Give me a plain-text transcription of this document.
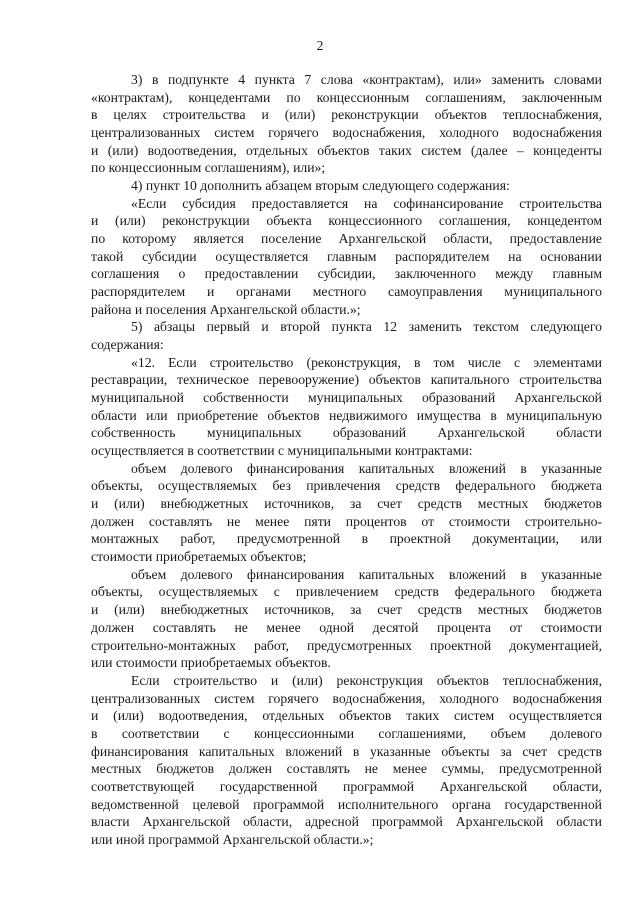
2
3) в подпункте 4 пункта 7 слова «контрактам), или» заменить словами
«контрактам), концедентами по концессионным соглашениям, заключенным
в целях строительства и (или) реконструкции объектов теплоснабжения,
централизованных систем горячего водоснабжения, холодного водоснабжения
и (или) водоотведения, отдельных объектов таких систем (далее – концеденты
по концессионным соглашениям), или»;
4) пункт 10 дополнить абзацем вторым следующего содержания:
«Если субсидия предоставляется на софинансирование строительства
и (или) реконструкции объекта концессионного соглашения, концедентом
по которому является поселение Архангельской области, предоставление
такой субсидии осуществляется главным распорядителем на основании
соглашения о предоставлении субсидии, заключенного между главным
распорядителем и органами местного самоуправления муниципального
района и поселения Архангельской области.»;
5) абзацы первый и второй пункта 12 заменить текстом следующего
содержания:
«12. Если строительство (реконструкция, в том числе с элементами
реставрации, техническое перевооружение) объектов капитального строительства
муниципальной собственности муниципальных образований Архангельской
области или приобретение объектов недвижимого имущества в муниципальную
собственность муниципальных образований Архангельской области
осуществляется в соответствии с муниципальными контрактами:
объем долевого финансирования капитальных вложений в указанные
объекты, осуществляемых без привлечения средств федерального бюджета
и (или) внебюджетных источников, за счет средств местных бюджетов
должен составлять не менее пяти процентов от стоимости строительно-
монтажных работ, предусмотренной в проектной документации, или
стоимости приобретаемых объектов;
объем долевого финансирования капитальных вложений в указанные
объекты, осуществляемых с привлечением средств федерального бюджета
и (или) внебюджетных источников, за счет средств местных бюджетов
должен составлять не менее одной десятой процента от стоимости
строительно-монтажных работ, предусмотренных проектной документацией,
или стоимости приобретаемых объектов.
Если строительство и (или) реконструкция объектов теплоснабжения,
централизованных систем горячего водоснабжения, холодного водоснабжения
и (или) водоотведения, отдельных объектов таких систем осуществляется
в соответствии с концессионными соглашениями, объем долевого
финансирования капитальных вложений в указанные объекты за счет средств
местных бюджетов должен составлять не менее суммы, предусмотренной
соответствующей государственной программой Архангельской области,
ведомственной целевой программой исполнительного органа государственной
власти Архангельской области, адресной программой Архангельской области
или иной программой Архангельской области.»;
